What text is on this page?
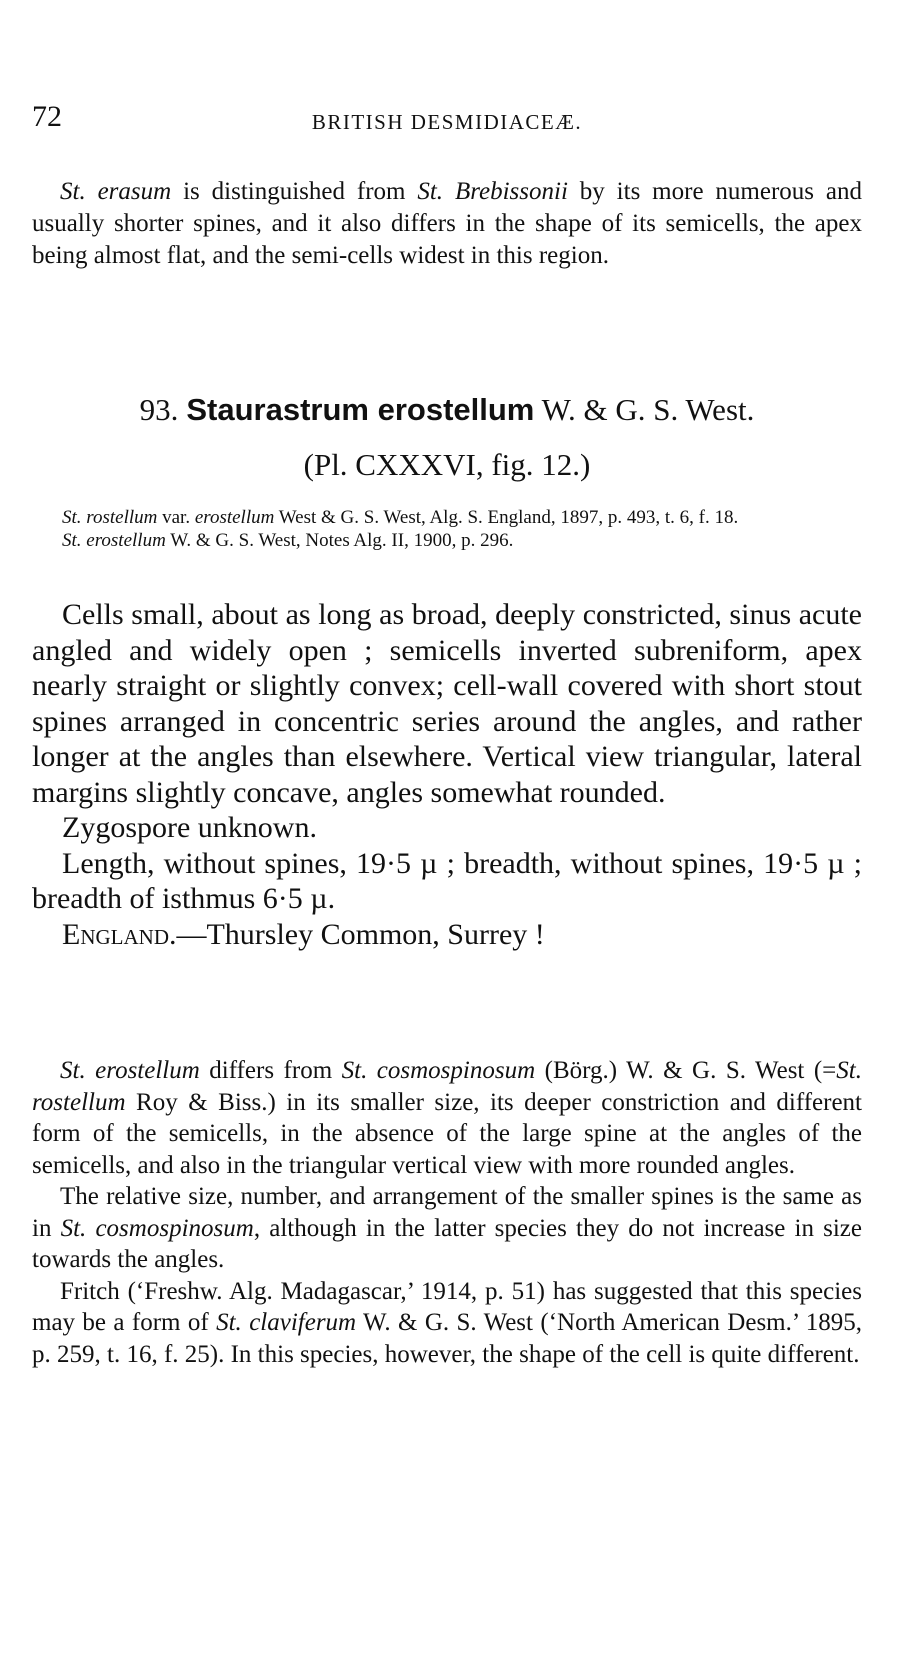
72	BRITISH DESMIDIACEÆ.

St. erasum is distinguished from St. Brebissonii by its more numerous and usually shorter spines, and it also differs in the shape of its semicells, the apex being almost flat, and the semi-cells widest in this region.

93. Staurastrum erostellum W. & G. S. West.
(Pl. CXXXVI, fig. 12.)
St. rostellum var. erostellum West & G. S. West, Alg. S. England, 1897, p. 493, t. 6, f. 18.
St. erostellum W. & G. S. West, Notes Alg. II, 1900, p. 296.

Cells small, about as long as broad, deeply constricted, sinus acute angled and widely open ; semicells inverted subreniform, apex nearly straight or slightly convex; cell-wall covered with short stout spines arranged in concentric series around the angles, and rather longer at the angles than elsewhere. Vertical view triangular, lateral margins slightly concave, angles somewhat rounded.

Zygospore unknown.

Length, without spines, 19·5 µ ; breadth, without spines, 19·5 µ ; breadth of isthmus 6·5 µ.

England.—Thursley Common, Surrey !

St. erostellum differs from St. cosmospinosum (Börg.) W. & G. S. West (=St. rostellum Roy & Biss.) in its smaller size, its deeper constriction and different form of the semicells, in the absence of the large spine at the angles of the semicells, and also in the triangular vertical view with more rounded angles.

The relative size, number, and arrangement of the smaller spines is the same as in St. cosmospinosum, although in the latter species they do not increase in size towards the angles.

Fritch (‘Freshw. Alg. Madagascar,’ 1914, p. 51) has suggested that this species may be a form of St. claviferum W. & G. S. West (‘North American Desm.’ 1895, p. 259, t. 16, f. 25). In this species, however, the shape of the cell is quite different.
